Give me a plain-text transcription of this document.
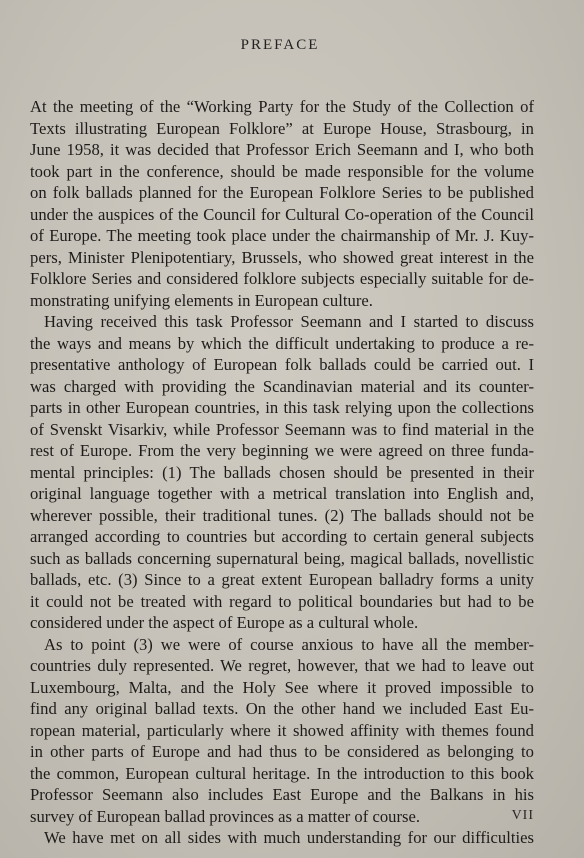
PREFACE
At the meeting of the “Working Party for the Study of the Collection of
Texts illustrating European Folklore” at Europe House, Strasbourg, in
June 1958, it was decided that Professor Erich Seemann and I, who both
took part in the conference, should be made responsible for the volume
on folk ballads planned for the European Folklore Series to be published
under the auspices of the Council for Cultural Co-operation of the Council
of Europe. The meeting took place under the chairmanship of Mr. J. Kuy-
pers, Minister Plenipotentiary, Brussels, who showed great interest in the
Folklore Series and considered folklore subjects especially suitable for de-
monstrating unifying elements in European culture.
Having received this task Professor Seemann and I started to discuss
the ways and means by which the difficult undertaking to produce a re-
presentative anthology of European folk ballads could be carried out. I
was charged with providing the Scandinavian material and its counter-
parts in other European countries, in this task relying upon the collections
of Svenskt Visarkiv, while Professor Seemann was to find material in the
rest of Europe. From the very beginning we were agreed on three funda-
mental principles: (1) The ballads chosen should be presented in their
original language together with a metrical translation into English and,
wherever possible, their traditional tunes. (2) The ballads should not be
arranged according to countries but according to certain general subjects
such as ballads concerning supernatural being, magical ballads, novellistic
ballads, etc. (3) Since to a great extent European balladry forms a unity
it could not be treated with regard to political boundaries but had to be
considered under the aspect of Europe as a cultural whole.
As to point (3) we were of course anxious to have all the member-
countries duly represented. We regret, however, that we had to leave out
Luxembourg, Malta, and the Holy See where it proved impossible to
find any original ballad texts. On the other hand we included East Eu-
ropean material, particularly where it showed affinity with themes found
in other parts of Europe and had thus to be considered as belonging to
the common, European cultural heritage. In the introduction to this book
Professor Seemann also includes East Europe and the Balkans in his
survey of European ballad provinces as a matter of course.
We have met on all sides with much understanding for our difficulties
VII
